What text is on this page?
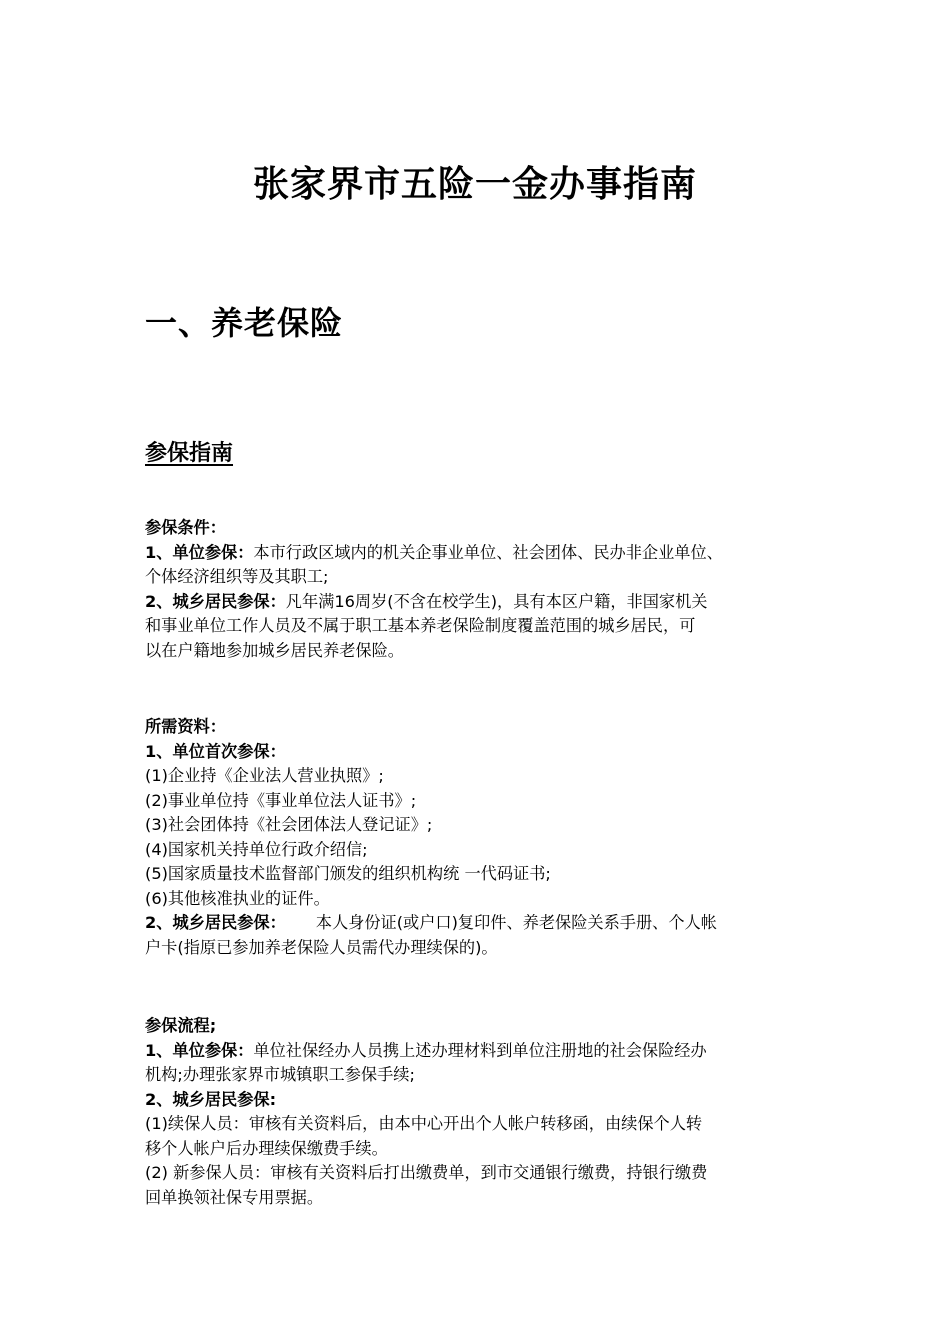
张家界市五险一金办事指南
一、养老保险
参保指南

参保条件：

1、单位参保：本市行政区域内的机关企事业单位、社会团体、民办非企业单位、

个体经济组织等及其职工;

2、城乡居民参保：凡年满16周岁(不含在校学生)，具有本区户籍，非国家机关

和事业单位工作人员及不属于职工基本养老保险制度覆盖范围的城乡居民，可

以在户籍地参加城乡居民养老保险。

所需资料：

1、单位首次参保：

(1)企业持《企业法人营业执照》;

(2)事业单位持《事业单位法人证书》;

(3)社会团体持《社会团体法人登记证》;

(4)国家机关持单位行政介绍信;

(5)国家质量技术监督部门颁发的组织机构统 一代码证书;

(6)其他核准执业的证件。

2、城乡居民参保： 本人身份证(或户口)复印件、养老保险关系手册、个人帐

户卡(指原已参加养老保险人员需代办理续保的)。

参保流程;

1、单位参保：单位社保经办人员携上述办理材料到单位注册地的社会保险经办

机构;办理张家界市城镇职工参保手续;

2、城乡居民参保:

(1)续保人员：审核有关资料后，由本中心开出个人帐户转移函，由续保个人转

移个人帐户后办理续保缴费手续。

(2) 新参保人员：审核有关资料后打出缴费单，到市交通银行缴费，持银行缴费

回单换领社保专用票据。
